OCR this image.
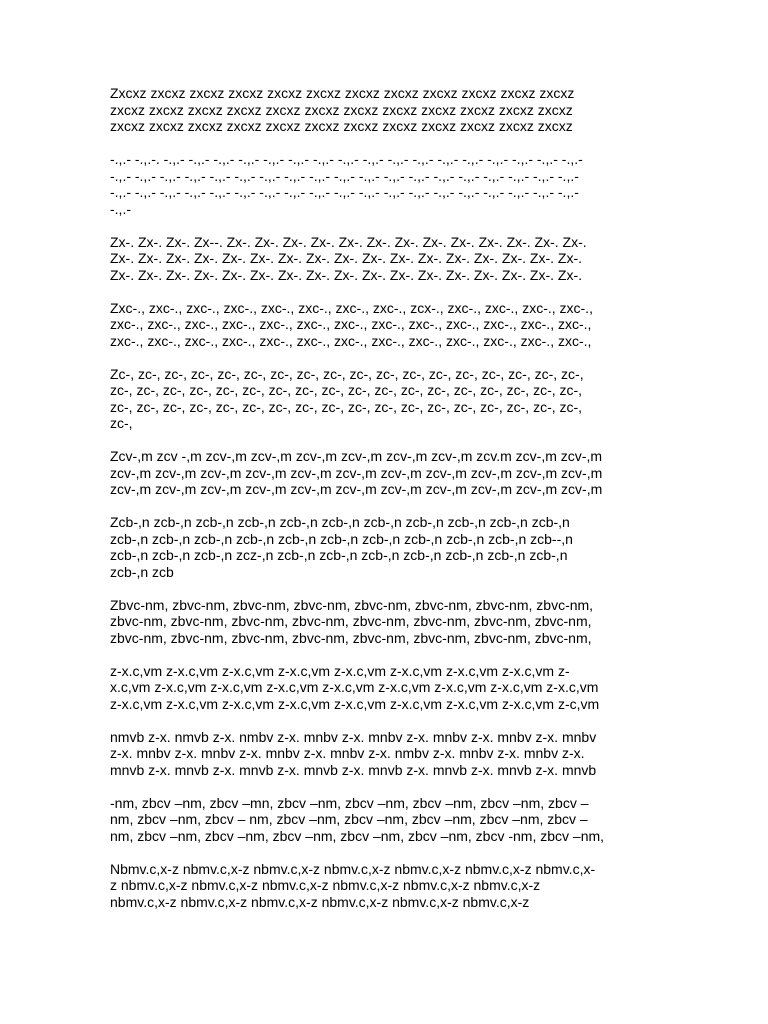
Zxcxz zxcxz zxcxz zxcxz zxcxz zxcxz zxcxz zxcxz zxcxz zxcxz zxcxz zxcxz
zxcxz zxcxz zxcxz zxcxz zxcxz zxcxz zxcxz zxcxz zxcxz zxcxz zxcxz zxcxz
zxcxz zxcxz zxcxz zxcxz zxcxz zxcxz zxcxz zxcxz zxcxz zxcxz zxcxz zxcxz

-.,.- -.,.-. -.,.- -.,.- -.,.- -.,.- -.,.- -.,.- -.,.- -.,.- -.,.- -.,.- -.,.- -.,.- -.,.- -.,.- -.,.- -.,.- -.,.-
-.,.- -.,.- -.,.- -.,.- -.,.- -.,.- -.,.- -.,.- -.,.- -.,.- -.,.- -.,.- -.,.- -.,.- -.,.- -.,.- -.,.- -.,.- -.,.-
-.,.- -.,.- -.,.- -.,.- -.,.- -.,.- -.,.- -.,.- -.,.- -.,.- -.,.- -.,.- -.,.- -.,.- -.,.- -.,.- -.,.- -.,.- -.,.-
-.,.-

Zx-. Zx-. Zx-. Zx--. Zx-. Zx-. Zx-. Zx-. Zx-. Zx-. Zx-. Zx-. Zx-. Zx-. Zx-. Zx-. Zx-.
Zx-. Zx-. Zx-. Zx-. Zx-. Zx-. Zx-. Zx-. Zx-. Zx-. Zx-. Zx-. Zx-. Zx-. Zx-. Zx-. Zx-.
Zx-. Zx-. Zx-. Zx-. Zx-. Zx-. Zx-. Zx-. Zx-. Zx-. Zx-. Zx-. Zx-. Zx-. Zx-. Zx-. Zx-.

Zxc-., zxc-., zxc-., zxc-., zxc-., zxc-., zxc-., zxc-., zcx-., zxc-., zxc-., zxc-., zxc-.,
zxc-., zxc-., zxc-., zxc-., zxc-., zxc-., zxc-., zxc-., zxc-., zxc-., zxc-., zxc-., zxc-.,
zxc-., zxc-., zxc-., zxc-., zxc-., zxc-., zxc-., zxc-., zxc-., zxc-., zxc-., zxc-., zxc-.,

Zc-, zc-, zc-, zc-, zc-, zc-, zc-, zc-, zc-, zc-, zc-, zc-, zc-, zc-, zc-, zc-, zc-, zc-,
zc-, zc-, zc-, zc-, zc-, zc-, zc-, zc-, zc-, zc-, zc-, zc-, zc-, zc-, zc-, zc-, zc-, zc-,
zc-, zc-, zc-, zc-, zc-, zc-, zc-, zc-, zc-, zc-, zc-, zc-, zc-, zc-, zc-, zc-, zc-, zc-,
zc-,

Zcv-,m zcv -,m zcv-,m zcv-,m zcv-,m zcv-,m zcv-,m zcv-,m zcv.m zcv-,m zcv-,m
zcv-,m zcv-,m zcv-,m zcv-,m zcv-,m zcv-,m zcv-,m zcv-,m zcv-,m zcv-,m zcv-,m
zcv-,m zcv-,m zcv-,m zcv-,m zcv-,m zcv-,m zcv-,m zcv-,m zcv-,m zcv-,m zcv-,m

Zcb-,n zcb-,n zcb-,n zcb-,n zcb-,n zcb-,n zcb-,n zcb-,n zcb-,n zcb-,n zcb-,n
zcb-,n zcb-,n zcb-,n zcb-,n zcb-,n zcb-,n zcb-,n zcb-,n zcb-,n zcb-,n zcb--,n
zcb-,n zcb-,n zcb-,n zcz-,n zcb-,n zcb-,n zcb-,n zcb-,n zcb-,n zcb-,n zcb-,n
zcb-,n zcb

Zbvc-nm, zbvc-nm, zbvc-nm, zbvc-nm, zbvc-nm, zbvc-nm, zbvc-nm, zbvc-nm,
zbvc-nm, zbvc-nm, zbvc-nm, zbvc-nm, zbvc-nm, zbvc-nm, zbvc-nm, zbvc-nm,
zbvc-nm, zbvc-nm, zbvc-nm, zbvc-nm, zbvc-nm, zbvc-nm, zbvc-nm, zbvc-nm,

z-x.c,vm z-x.c,vm z-x.c,vm z-x.c,vm z-x.c,vm z-x.c,vm z-x.c,vm z-x.c,vm z-
x.c,vm z-x.c,vm z-x.c,vm z-x.c,vm z-x.c,vm z-x.c,vm z-x.c,vm z-x.c,vm z-x.c,vm
z-x.c,vm z-x.c,vm z-x.c,vm z-x.c,vm z-x.c,vm z-x.c,vm z-x.c,vm z-x.c,vm z-c,vm

nmvb z-x. nmvb z-x. nmbv z-x. mnbv z-x. mnbv z-x. mnbv z-x. mnbv z-x. mnbv
z-x. mnbv z-x. mnbv z-x. mnbv z-x. mnbv z-x. nmbv z-x. mnbv z-x. mnbv z-x.
mnvb z-x. mnvb z-x. mnvb z-x. mnvb z-x. mnvb z-x. mnvb z-x. mnvb z-x. mnvb

-nm, zbcv –nm, zbcv –mn, zbcv –nm, zbcv –nm, zbcv –nm, zbcv –nm, zbcv –
nm, zbcv –nm, zbcv – nm, zbcv –nm, zbcv –nm, zbcv –nm, zbcv –nm, zbcv –
nm, zbcv –nm, zbcv –nm, zbcv –nm, zbcv –nm, zbcv –nm, zbcv -nm, zbcv –nm,

Nbmv.c,x-z nbmv.c,x-z nbmv.c,x-z nbmv.c,x-z nbmv.c,x-z nbmv.c,x-z nbmv.c,x-
z nbmv.c,x-z nbmv.c,x-z nbmv.c,x-z nbmv.c,x-z nbmv.c,x-z nbmv.c,x-z
nbmv.c,x-z nbmv.c,x-z nbmv.c,x-z nbmv.c,x-z nbmv.c,x-z nbmv.c,x-z
